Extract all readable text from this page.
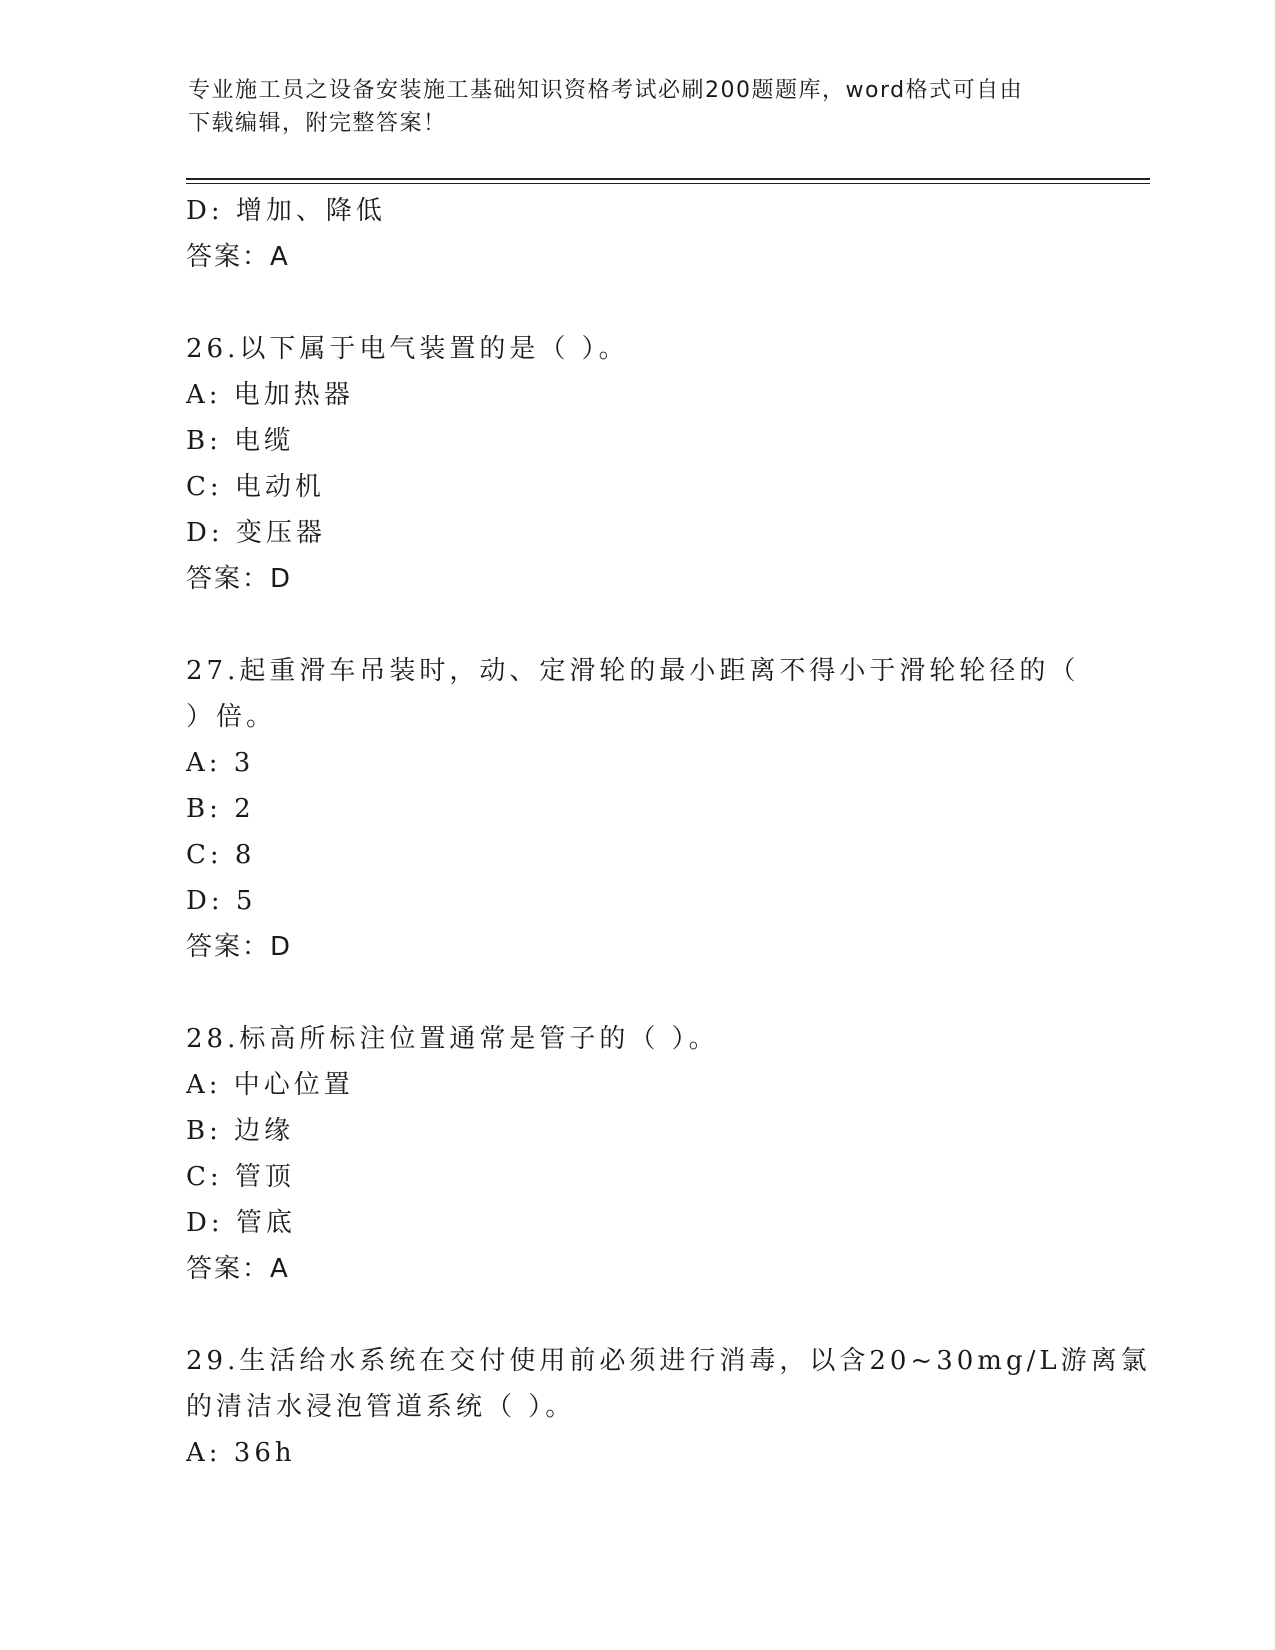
专业施工员之设备安装施工基础知识资格考试必刷200题题库，word格式可自由
下载编辑，附完整答案！
D: 增加、降低
答案：A
26.以下属于电气装置的是（ ）。
A: 电加热器
B: 电缆
C: 电动机
D: 变压器
答案：D
27.起重滑车吊装时，动、定滑轮的最小距离不得小于滑轮轮径的（
）倍。
A: 3
B: 2
C: 8
D: 5
答案：D
28.标高所标注位置通常是管子的（ ）。
A: 中心位置
B: 边缘
C: 管顶
D: 管底
答案：A
29.生活给水系统在交付使用前必须进行消毒，以含20~30mg/L游离氯
的清洁水浸泡管道系统（ ）。
A: 36h
